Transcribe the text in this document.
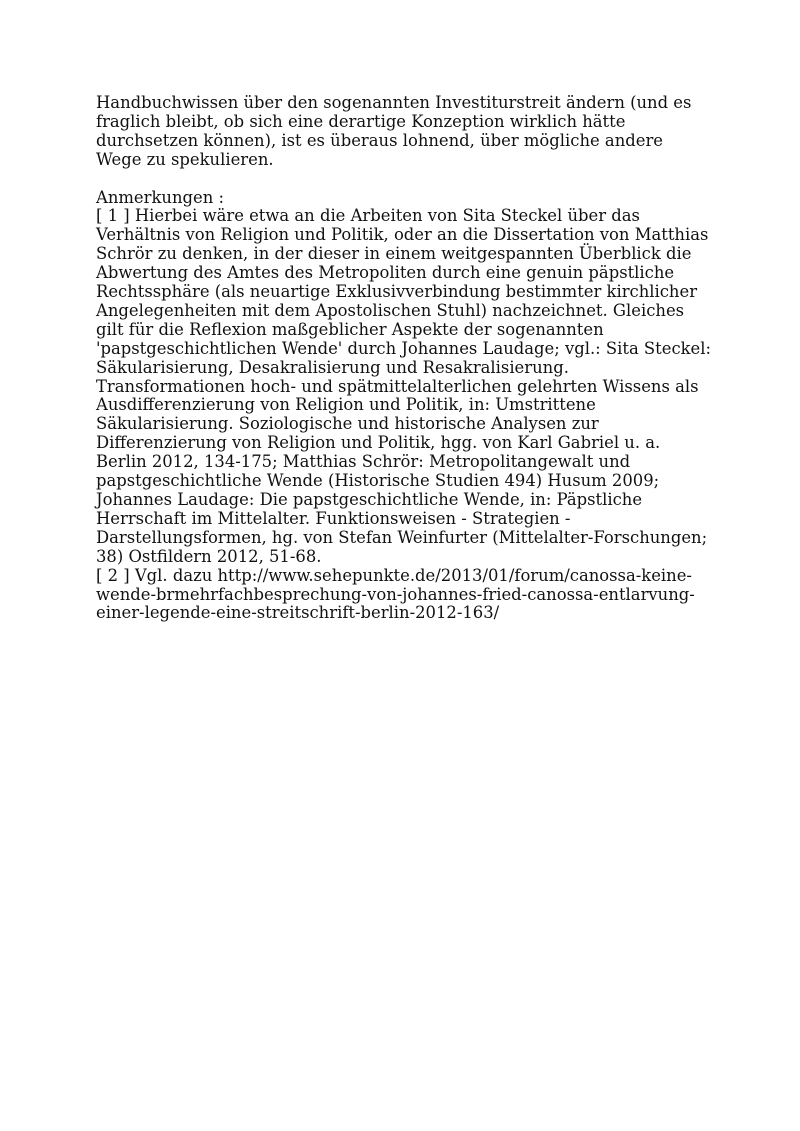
Handbuchwissen über den sogenannten Investiturstreit ändern (und es
fraglich bleibt, ob sich eine derartige Konzeption wirklich hätte
durchsetzen können), ist es überaus lohnend, über mögliche andere
Wege zu spekulieren.

Anmerkungen :

[ 1 ] Hierbei wäre etwa an die Arbeiten von Sita Steckel über das
Verhältnis von Religion und Politik, oder an die Dissertation von Matthias
Schrör zu denken, in der dieser in einem weitgespannten Überblick die
Abwertung des Amtes des Metropoliten durch eine genuin päpstliche
Rechtssphäre (als neuartige Exklusivverbindung bestimmter kirchlicher
Angelegenheiten mit dem Apostolischen Stuhl) nachzeichnet. Gleiches
gilt für die Reflexion maßgeblicher Aspekte der sogenannten
'papstgeschichtlichen Wende' durch Johannes Laudage; vgl.: Sita Steckel:
Säkularisierung, Desakralisierung und Resakralisierung.
Transformationen hoch- und spätmittelalterlichen gelehrten Wissens als
Ausdifferenzierung von Religion und Politik, in: Umstrittene
Säkularisierung. Soziologische und historische Analysen zur
Differenzierung von Religion und Politik, hgg. von Karl Gabriel u. a.
Berlin 2012, 134-175; Matthias Schrör: Metropolitangewalt und
papstgeschichtliche Wende (Historische Studien 494) Husum 2009;
Johannes Laudage: Die papstgeschichtliche Wende, in: Päpstliche
Herrschaft im Mittelalter. Funktionsweisen - Strategien -
Darstellungsformen, hg. von Stefan Weinfurter (Mittelalter-Forschungen;
38) Ostfildern 2012, 51-68.

[ 2 ] Vgl. dazu http://www.sehepunkte.de/2013/01/forum/canossa-keine-
wende-brmehrfachbesprechung-von-johannes-fried-canossa-entlarvung-
einer-legende-eine-streitschrift-berlin-2012-163/
